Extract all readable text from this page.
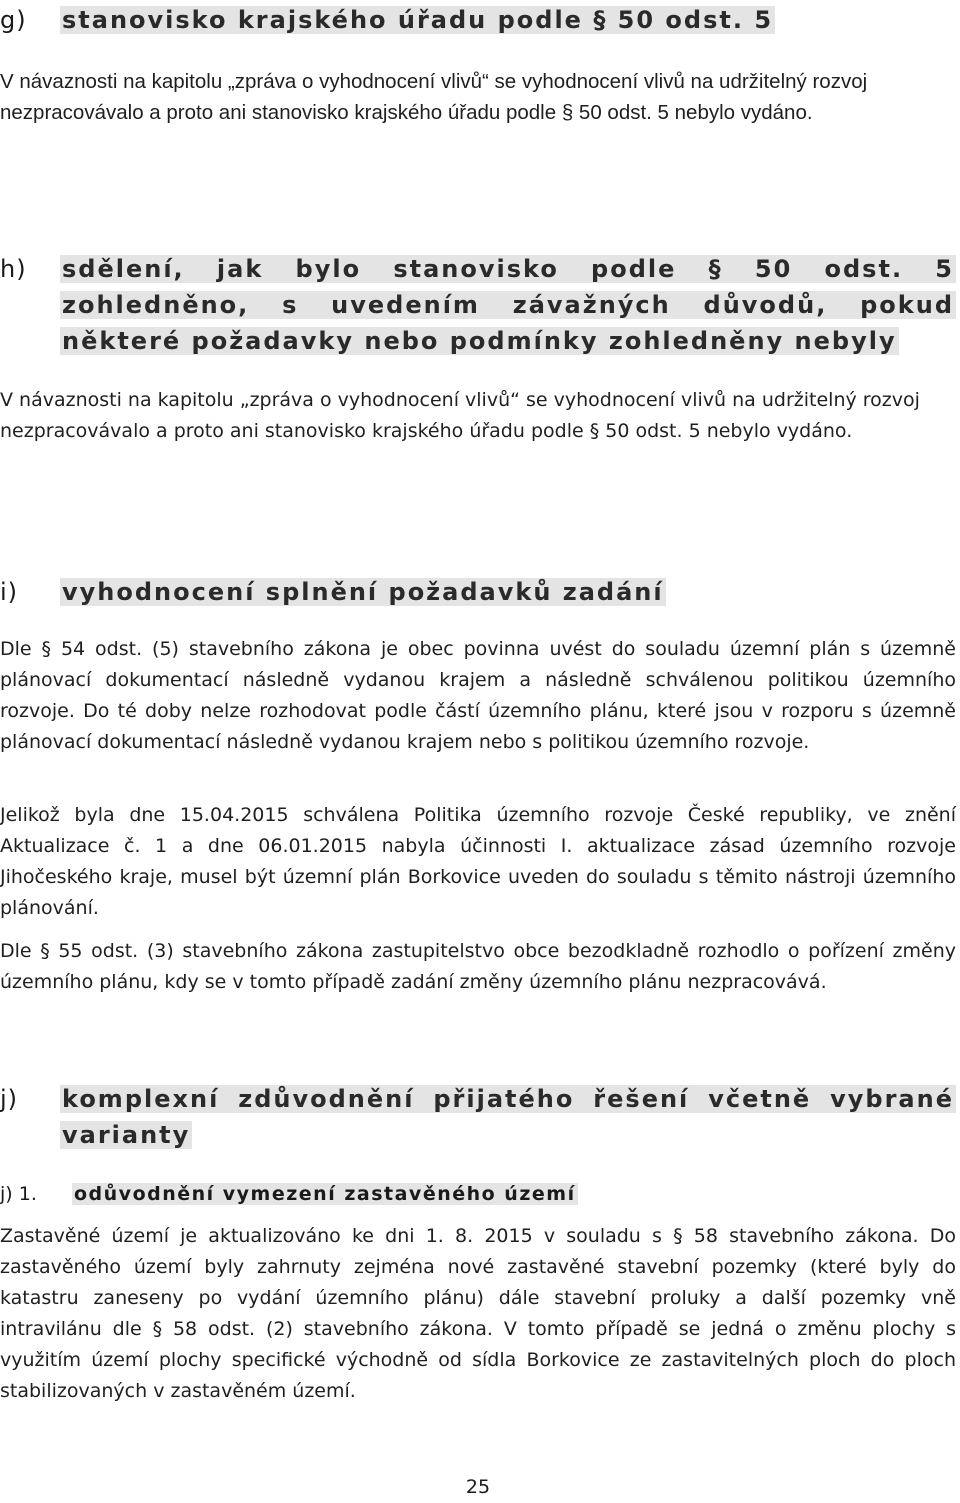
g)	stanovisko krajského úřadu podle § 50 odst. 5
V návaznosti na kapitolu „zpráva o vyhodnocení vlivů“ se vyhodnocení vlivů na udržitelný rozvoj nezpracovávalo a proto ani stanovisko krajského úřadu podle § 50 odst. 5 nebylo vydáno.
h)	sdělení, jak bylo stanovisko podle § 50 odst. 5 zohledněno, s uvedením závažných důvodů, pokud některé požadavky nebo podmínky zohledněny nebyly
V návaznosti na kapitolu „zpráva o vyhodnocení vlivů“ se vyhodnocení vlivů na udržitelný rozvoj nezpracovávalo a proto ani stanovisko krajského úřadu podle § 50 odst. 5 nebylo vydáno.
i)	vyhodnocení splnění požadavků zadání
Dle § 54 odst. (5) stavebního zákona je obec povinna uvést do souladu územní plán s územně plánovací dokumentací následně vydanou krajem a následně schválenou politikou územního rozvoje. Do té doby nelze rozhodovat podle částí územního plánu, které jsou v rozporu s územně plánovací dokumentací následně vydanou krajem nebo s politikou územního rozvoje.
Jelikož byla dne 15.04.2015 schválena Politika územního rozvoje České republiky, ve znění Aktualizace č. 1 a dne 06.01.2015 nabyla účinnosti I. aktualizace zásad územního rozvoje Jihočeského kraje, musel být územní plán Borkovice uveden do souladu s těmito nástroji územního plánování.
Dle § 55 odst. (3) stavebního zákona zastupitelstvo obce bezodkladně rozhodlo o pořízení změny územního plánu, kdy se v tomto případě zadání změny územního plánu nezpracovává.
j)	komplexní zdůvodnění přijatého řešení včetně vybrané varianty
j) 1.	odůvodnění vymezení zastavěného území
Zastavěné území je aktualizováno ke dni 1. 8. 2015 v souladu s § 58 stavebního zákona. Do zastavěného území byly zahrnuty zejména nové zastavěné stavební pozemky (které byly do katastru zaneseny po vydání územního plánu) dále stavební proluky a další pozemky vně intravilánu dle § 58 odst. (2) stavebního zákona. V tomto případě se jedná o změnu plochy s využitím území plochy specifické východně od sídla Borkovice ze zastavitelných ploch do ploch stabilizovaných v zastavěném území.
25
